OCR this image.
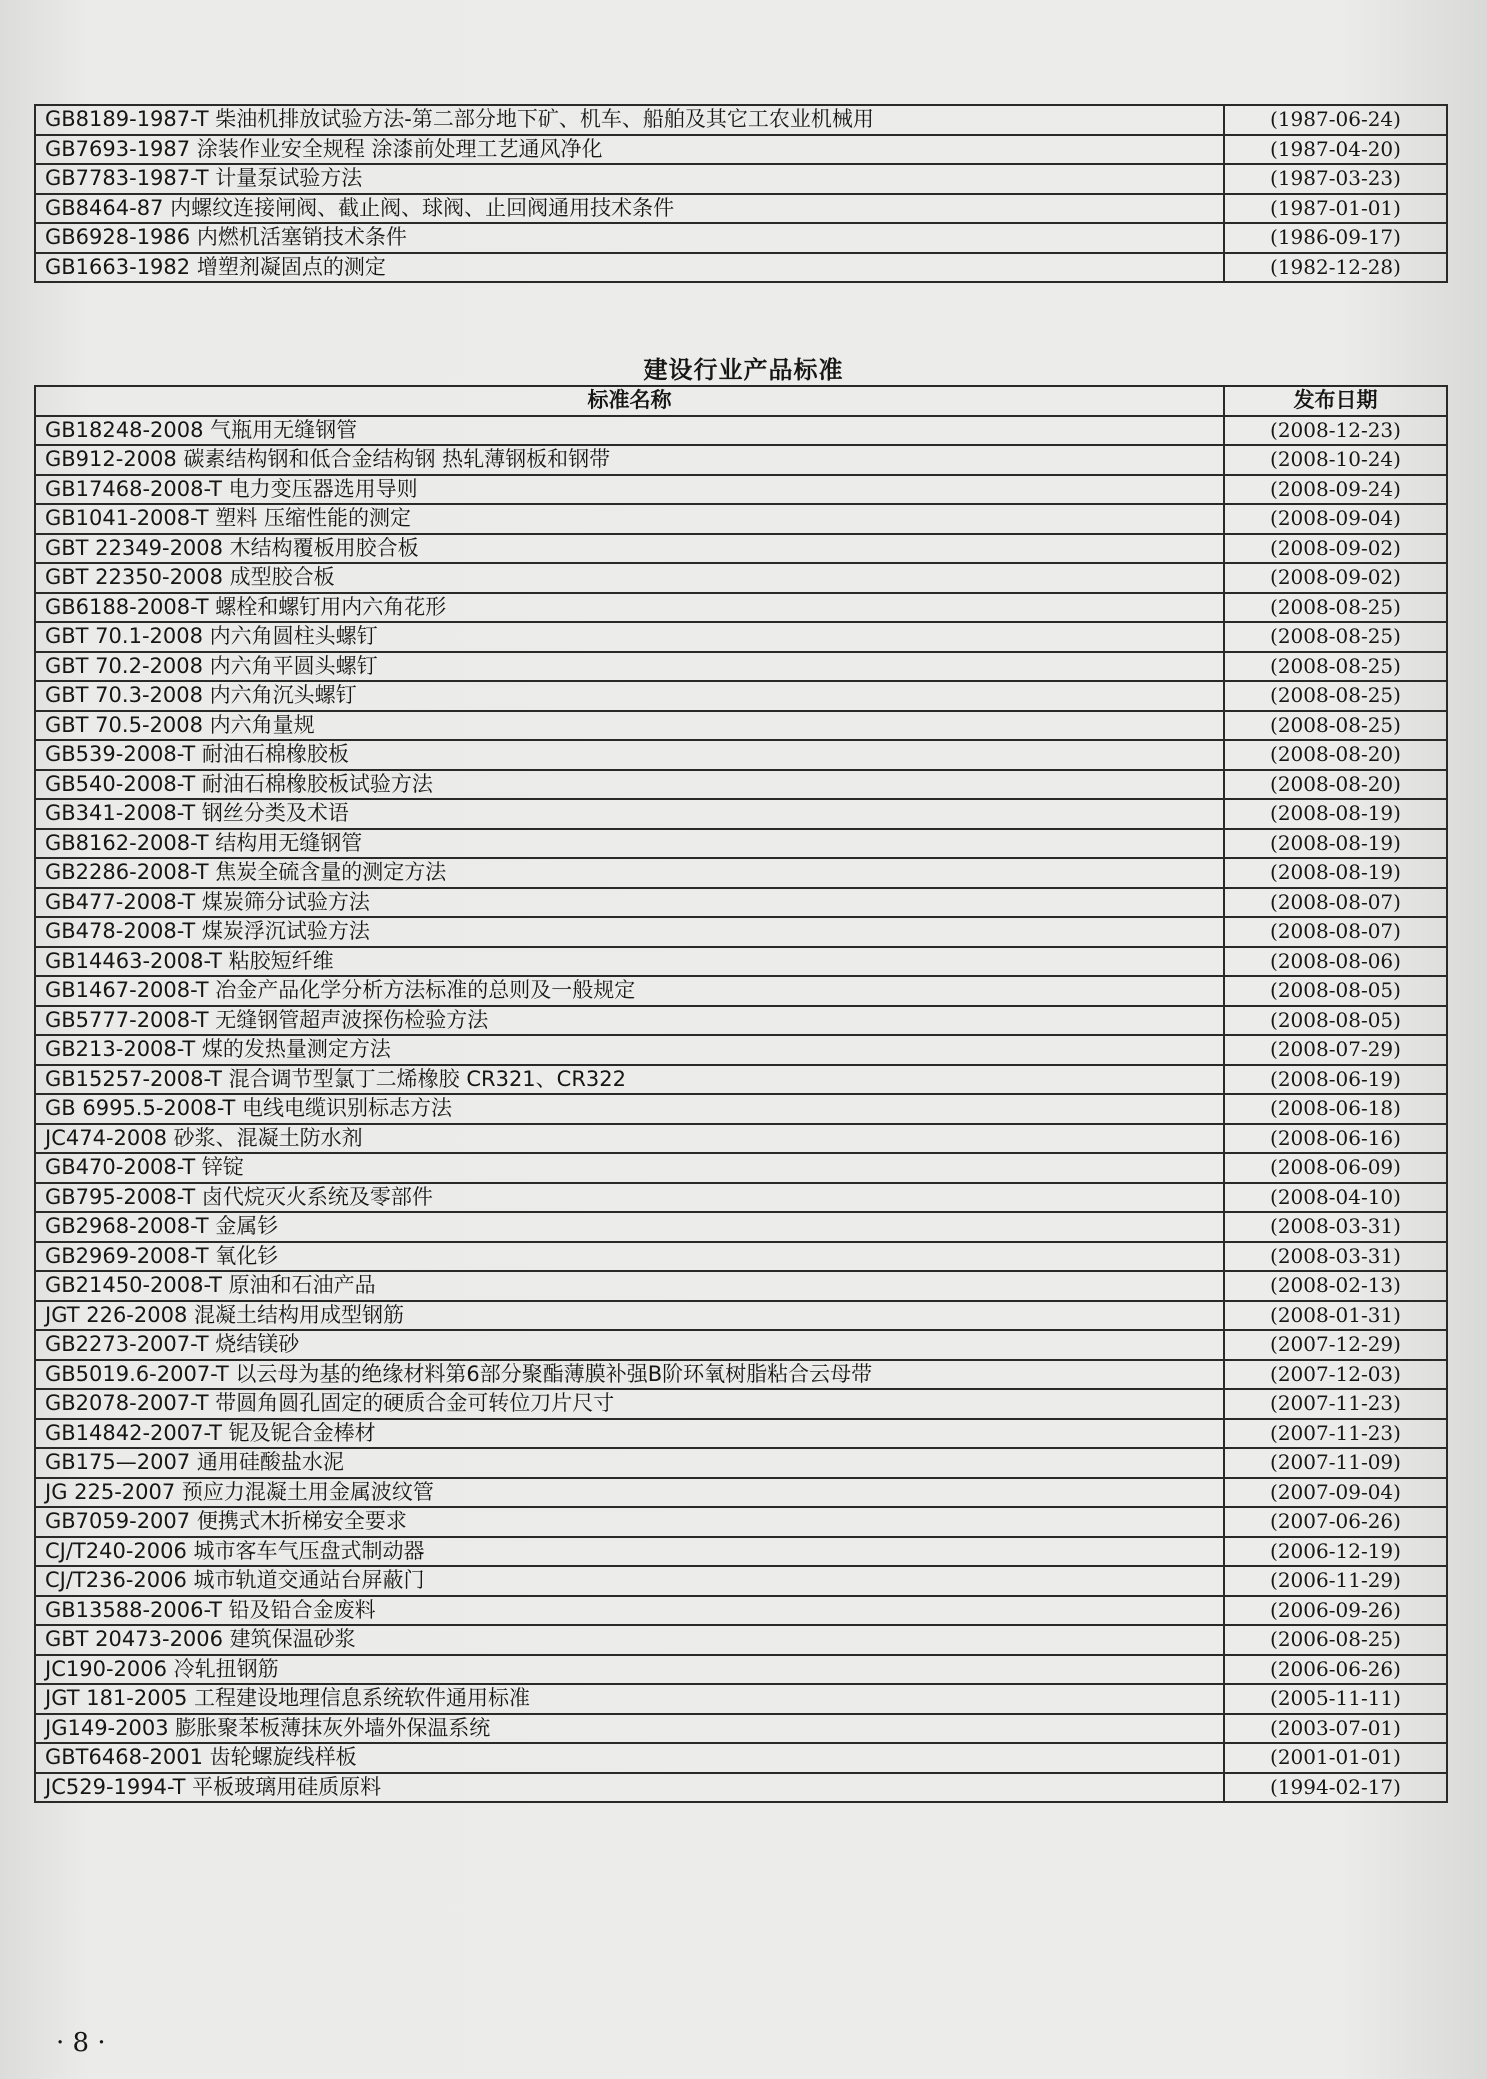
GB8189-1987-T 柴油机排放试验方法-第二部分地下矿、机车、船舶及其它工农业机械用	(1987-06-24)
GB7693-1987 涂装作业安全规程 涂漆前处理工艺通风净化	(1987-04-20)
GB7783-1987-T 计量泵试验方法	(1987-03-23)
GB8464-87 内螺纹连接闸阀、截止阀、球阀、止回阀通用技术条件	(1987-01-01)
GB6928-1986 内燃机活塞销技术条件	(1986-09-17)
GB1663-1982 增塑剂凝固点的测定	(1982-12-28)
建设行业产品标准
标准名称	发布日期
GB18248-2008 气瓶用无缝钢管	(2008-12-23)
GB912-2008 碳素结构钢和低合金结构钢 热轧薄钢板和钢带	(2008-10-24)
GB17468-2008-T 电力变压器选用导则	(2008-09-24)
GB1041-2008-T 塑料 压缩性能的测定	(2008-09-04)
GBT 22349-2008 木结构覆板用胶合板	(2008-09-02)
GBT 22350-2008 成型胶合板	(2008-09-02)
GB6188-2008-T 螺栓和螺钉用内六角花形	(2008-08-25)
GBT 70.1-2008 内六角圆柱头螺钉	(2008-08-25)
GBT 70.2-2008 内六角平圆头螺钉	(2008-08-25)
GBT 70.3-2008 内六角沉头螺钉	(2008-08-25)
GBT 70.5-2008 内六角量规	(2008-08-25)
GB539-2008-T 耐油石棉橡胶板	(2008-08-20)
GB540-2008-T 耐油石棉橡胶板试验方法	(2008-08-20)
GB341-2008-T 钢丝分类及术语	(2008-08-19)
GB8162-2008-T 结构用无缝钢管	(2008-08-19)
GB2286-2008-T 焦炭全硫含量的测定方法	(2008-08-19)
GB477-2008-T 煤炭筛分试验方法	(2008-08-07)
GB478-2008-T 煤炭浮沉试验方法	(2008-08-07)
GB14463-2008-T 粘胶短纤维	(2008-08-06)
GB1467-2008-T 冶金产品化学分析方法标准的总则及一般规定	(2008-08-05)
GB5777-2008-T 无缝钢管超声波探伤检验方法	(2008-08-05)
GB213-2008-T 煤的发热量测定方法	(2008-07-29)
GB15257-2008-T 混合调节型氯丁二烯橡胶 CR321、CR322	(2008-06-19)
GB 6995.5-2008-T 电线电缆识别标志方法	(2008-06-18)
JC474-2008 砂浆、混凝土防水剂	(2008-06-16)
GB470-2008-T 锌锭	(2008-06-09)
GB795-2008-T 卤代烷灭火系统及零部件	(2008-04-10)
GB2968-2008-T 金属钐	(2008-03-31)
GB2969-2008-T 氧化钐	(2008-03-31)
GB21450-2008-T 原油和石油产品	(2008-02-13)
JGT 226-2008 混凝土结构用成型钢筋	(2008-01-31)
GB2273-2007-T 烧结镁砂	(2007-12-29)
GB5019.6-2007-T 以云母为基的绝缘材料第6部分聚酯薄膜补强B阶环氧树脂粘合云母带	(2007-12-03)
GB2078-2007-T 带圆角圆孔固定的硬质合金可转位刀片尺寸	(2007-11-23)
GB14842-2007-T 铌及铌合金棒材	(2007-11-23)
GB175—2007 通用硅酸盐水泥	(2007-11-09)
JG 225-2007 预应力混凝土用金属波纹管	(2007-09-04)
GB7059-2007 便携式木折梯安全要求	(2007-06-26)
CJ/T240-2006 城市客车气压盘式制动器	(2006-12-19)
CJ/T236-2006 城市轨道交通站台屏蔽门	(2006-11-29)
GB13588-2006-T 铅及铅合金废料	(2006-09-26)
GBT 20473-2006 建筑保温砂浆	(2006-08-25)
JC190-2006 冷轧扭钢筋	(2006-06-26)
JGT 181-2005 工程建设地理信息系统软件通用标准	(2005-11-11)
JG149-2003 膨胀聚苯板薄抹灰外墙外保温系统	(2003-07-01)
GBT6468-2001 齿轮螺旋线样板	(2001-01-01)
JC529-1994-T 平板玻璃用硅质原料	(1994-02-17)
· 8 ·
